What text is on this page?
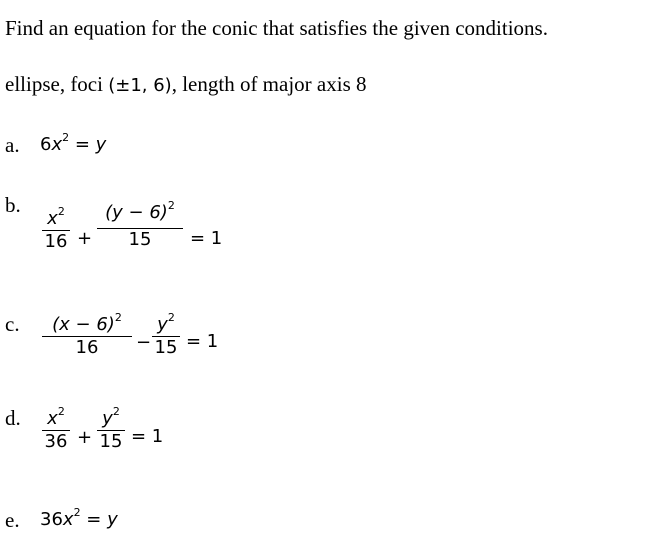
Find an equation for the conic that satisfies the given conditions.
ellipse, foci (±1, 6), length of major axis 8
a. $6x^2 = y$
b.
$x^2$
16 +
$(y - 6)^2$
15	= 1
c.	$(x - 6)^2$
16	−
$y^2$
15 = 1
d. $x^2$
36 +
$y^2$
15 = 1
e. $36x^2 = y$
